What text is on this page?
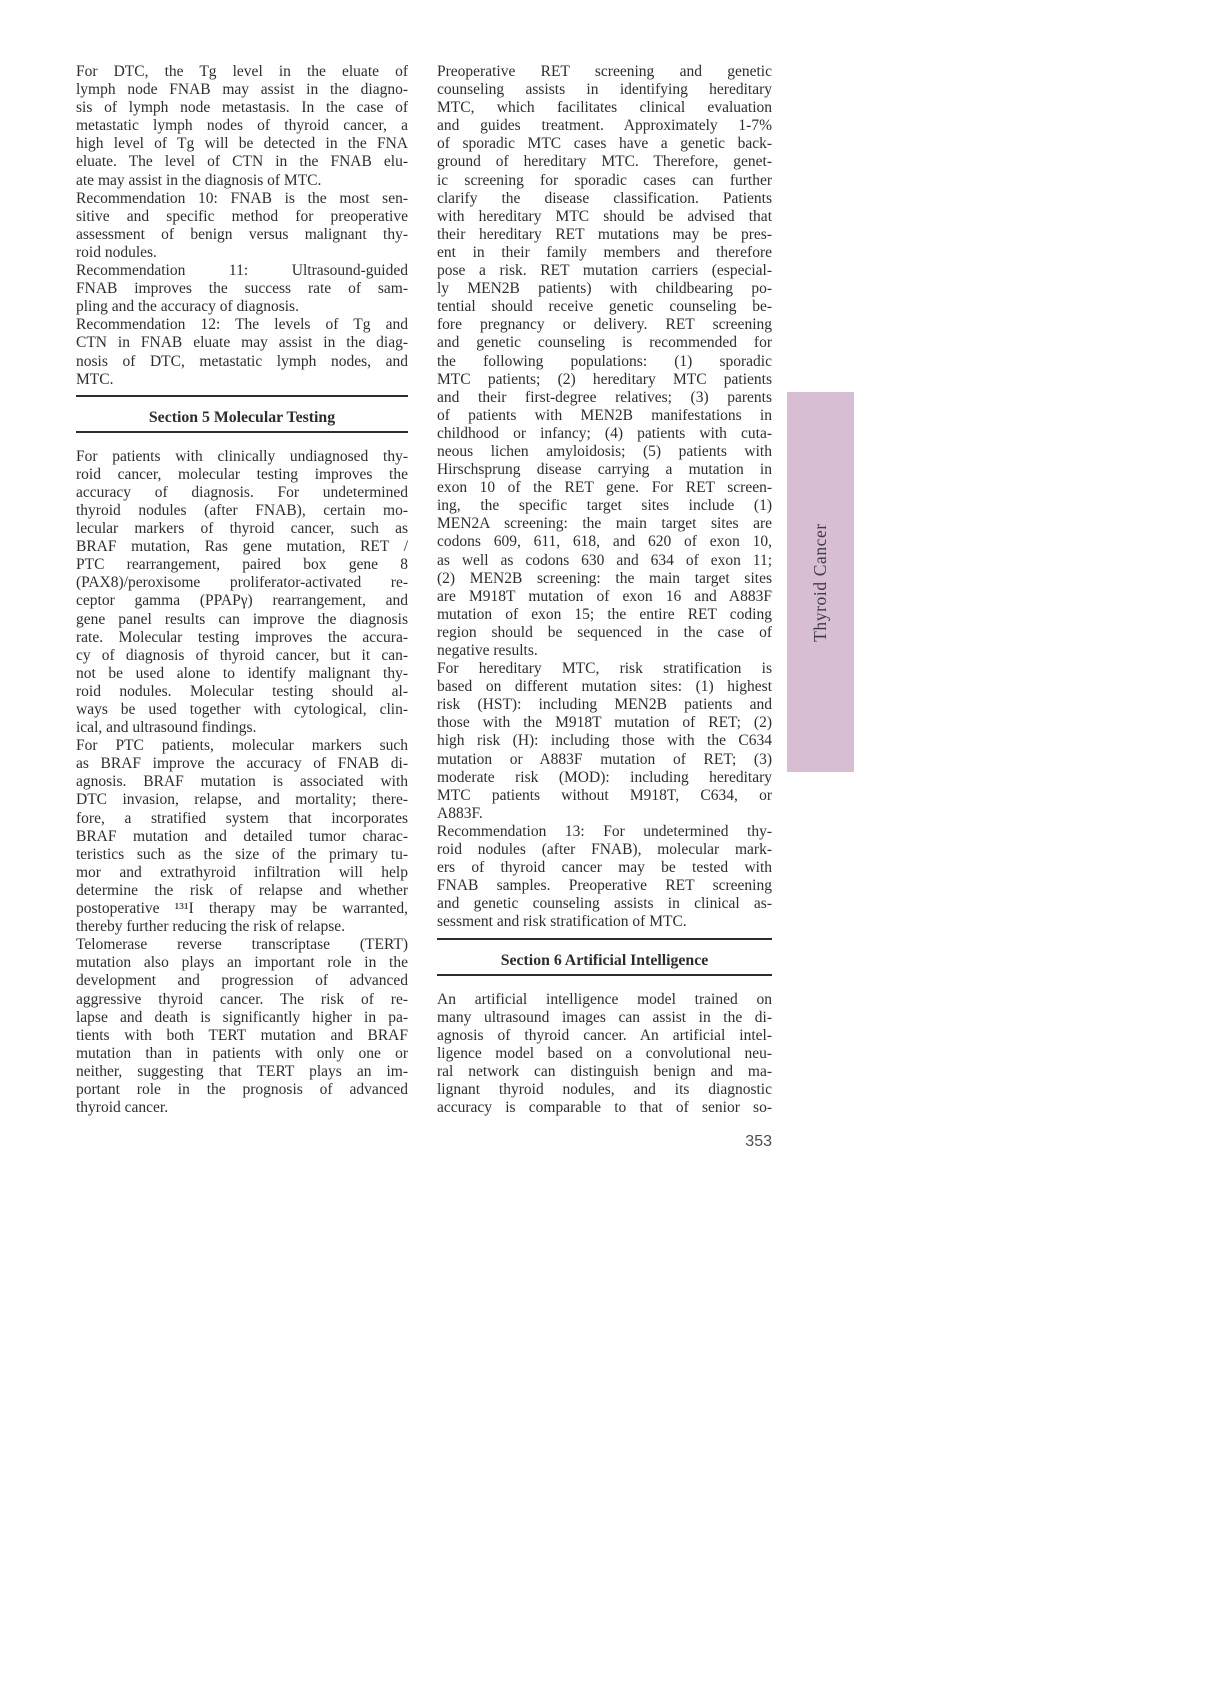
For DTC, the Tg level in the eluate of
lymph node FNAB may assist in the diagno-
sis of lymph node metastasis. In the case of
metastatic lymph nodes of thyroid cancer, a
high level of Tg will be detected in the FNA
eluate. The level of CTN in the FNAB elu-
ate may assist in the diagnosis of MTC.

Recommendation 10: FNAB is the most sen-
sitive and specific method for preoperative
assessment of benign versus malignant thy-
roid nodules.

Recommendation 11: Ultrasound-guided
FNAB improves the success rate of sam-
pling and the accuracy of diagnosis.

Recommendation 12: The levels of Tg and
CTN in FNAB eluate may assist in the diag-
nosis of DTC, metastatic lymph nodes, and
MTC.

Section 5 Molecular Testing

For patients with clinically undiagnosed thy-
roid cancer, molecular testing improves the
accuracy of diagnosis. For undetermined
thyroid nodules (after FNAB), certain mo-
lecular markers of thyroid cancer, such as
BRAF mutation, Ras gene mutation, RET /
PTC rearrangement, paired box gene 8
(PAX8)/peroxisome proliferator-activated re-
ceptor gamma (PPAPγ) rearrangement, and
gene panel results can improve the diagnosis
rate. Molecular testing improves the accura-
cy of diagnosis of thyroid cancer, but it can-
not be used alone to identify malignant thy-
roid nodules. Molecular testing should al-
ways be used together with cytological, clin-
ical, and ultrasound findings.

For PTC patients, molecular markers such
as BRAF improve the accuracy of FNAB di-
agnosis. BRAF mutation is associated with
DTC invasion, relapse, and mortality; there-
fore, a stratified system that incorporates
BRAF mutation and detailed tumor charac-
teristics such as the size of the primary tu-
mor and extrathyroid infiltration will help
determine the risk of relapse and whether
postoperative ¹³¹I therapy may be warranted,
thereby further reducing the risk of relapse.

Telomerase reverse transcriptase (TERT)
mutation also plays an important role in the
development and progression of advanced
aggressive thyroid cancer. The risk of re-
lapse and death is significantly higher in pa-
tients with both TERT mutation and BRAF
mutation than in patients with only one or
neither, suggesting that TERT plays an im-
portant role in the prognosis of advanced
thyroid cancer.

Preoperative RET screening and genetic
counseling assists in identifying hereditary
MTC, which facilitates clinical evaluation
and guides treatment. Approximately 1-7%
of sporadic MTC cases have a genetic back-
ground of hereditary MTC. Therefore, genet-
ic screening for sporadic cases can further
clarify the disease classification. Patients
with hereditary MTC should be advised that
their hereditary RET mutations may be pres-
ent in their family members and therefore
pose a risk. RET mutation carriers (especial-
ly MEN2B patients) with childbearing po-
tential should receive genetic counseling be-
fore pregnancy or delivery. RET screening
and genetic counseling is recommended for
the following populations: (1) sporadic
MTC patients; (2) hereditary MTC patients
and their first-degree relatives; (3) parents
of patients with MEN2B manifestations in
childhood or infancy; (4) patients with cuta-
neous lichen amyloidosis; (5) patients with
Hirschsprung disease carrying a mutation in
exon 10 of the RET gene. For RET screen-
ing, the specific target sites include (1)
MEN2A screening: the main target sites are
codons 609, 611, 618, and 620 of exon 10,
as well as codons 630 and 634 of exon 11;
(2) MEN2B screening: the main target sites
are M918T mutation of exon 16 and A883F
mutation of exon 15; the entire RET coding
region should be sequenced in the case of
negative results.

For hereditary MTC, risk stratification is
based on different mutation sites: (1) highest
risk (HST): including MEN2B patients and
those with the M918T mutation of RET; (2)
high risk (H): including those with the C634
mutation or A883F mutation of RET; (3)
moderate risk (MOD): including hereditary
MTC patients without M918T, C634, or
A883F.

Recommendation 13: For undetermined thy-
roid nodules (after FNAB), molecular mark-
ers of thyroid cancer may be tested with
FNAB samples. Preoperative RET screening
and genetic counseling assists in clinical as-
sessment and risk stratification of MTC.

Section 6 Artificial Intelligence

An artificial intelligence model trained on
many ultrasound images can assist in the di-
agnosis of thyroid cancer. An artificial intel-
ligence model based on a convolutional neu-
ral network can distinguish benign and ma-
lignant thyroid nodules, and its diagnostic
accuracy is comparable to that of senior so-

Thyroid Cancer
353
